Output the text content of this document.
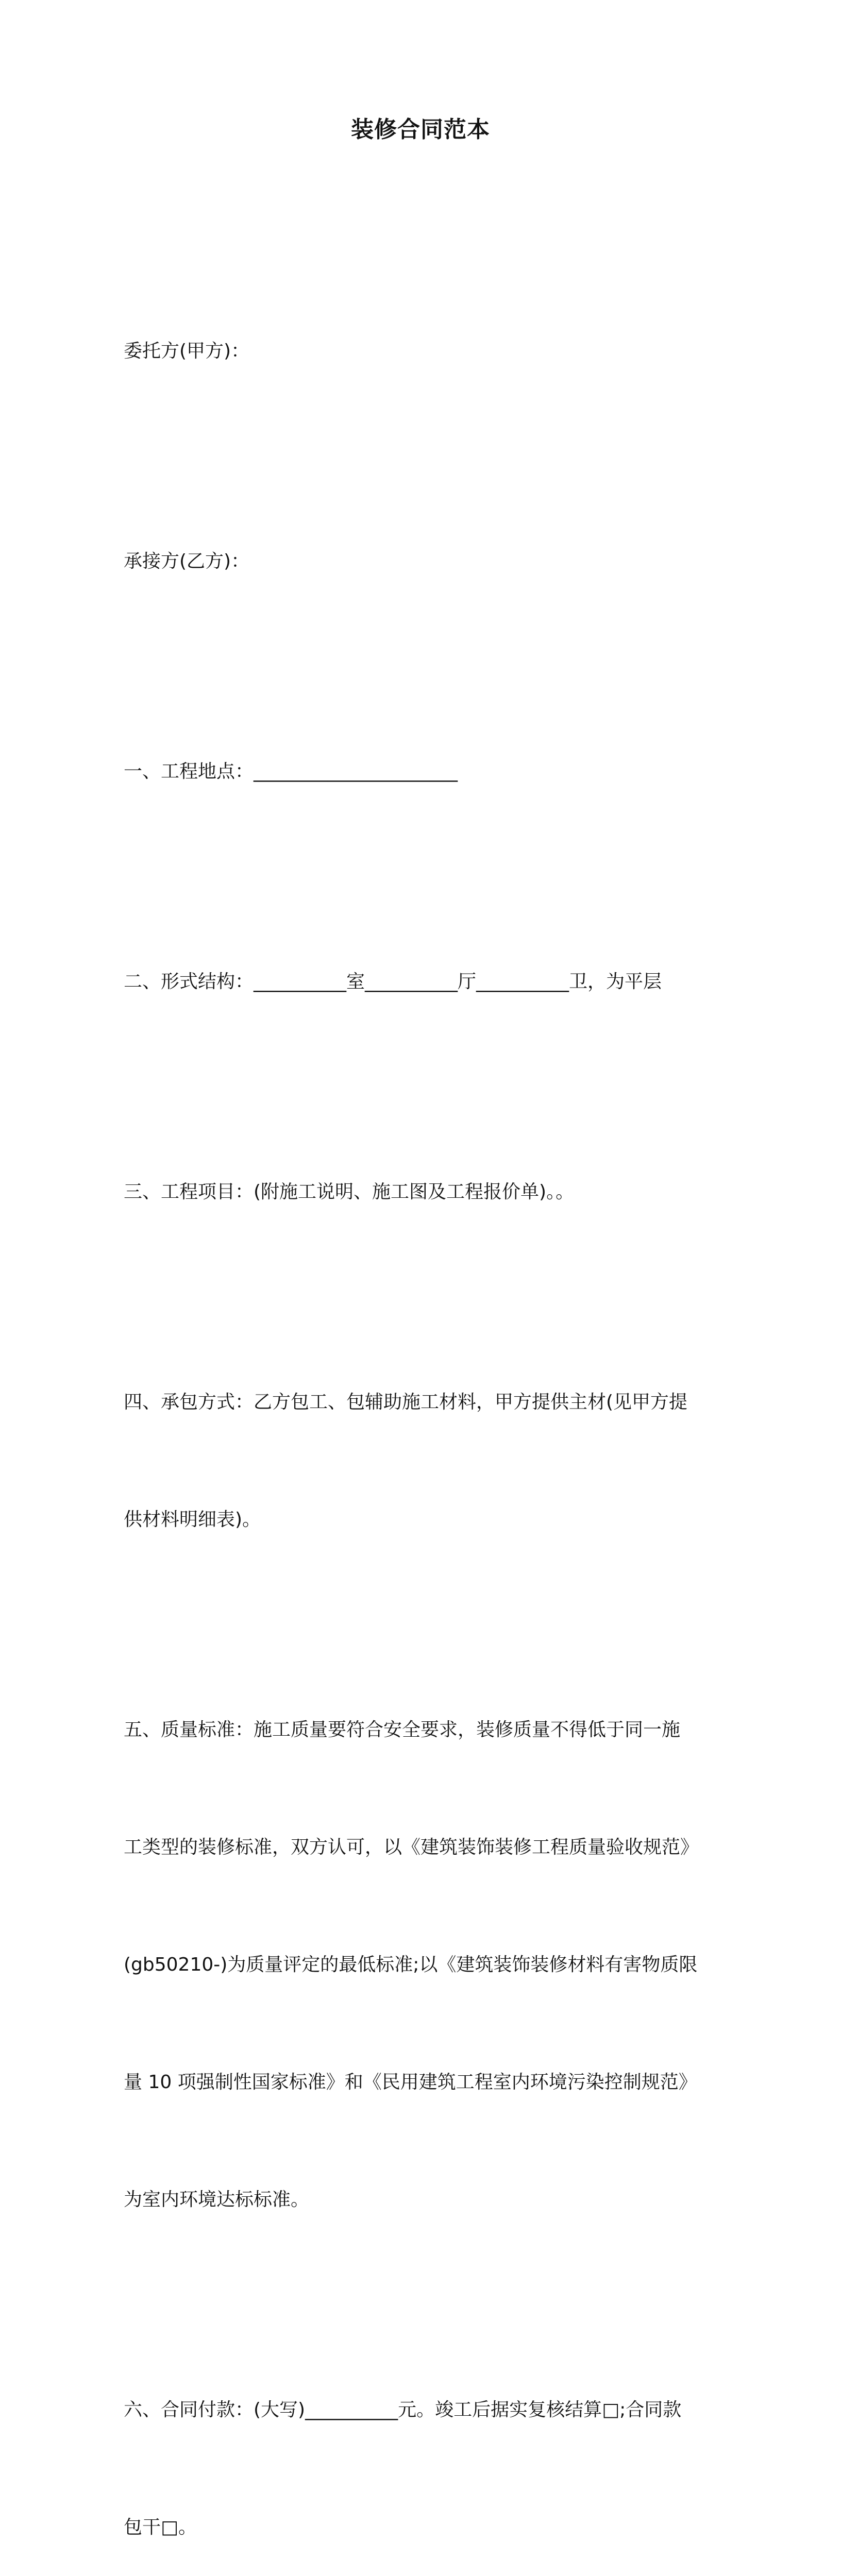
装修合同范本

委托方(甲方)：

承接方(乙方)：

一、工程地点：______________________

二、形式结构：__________室__________厅__________卫，为平层

三、工程项目：(附施工说明、施工图及工程报价单)。。

四、承包方式：乙方包工、包辅助施工材料，甲方提供主材(见甲方提

供材料明细表)。

五、质量标准：施工质量要符合安全要求，装修质量不得低于同一施

工类型的装修标准，双方认可，以《建筑装饰装修工程质量验收规范》

(gb50210-)为质量评定的最低标准;以《建筑装饰装修材料有害物质限

量 10 项强制性国家标准》和《民用建筑工程室内环境污染控制规范》

为室内环境达标标准。

六、合同付款：(大写)__________元。竣工后据实复核结算□;合同款

包干□。
